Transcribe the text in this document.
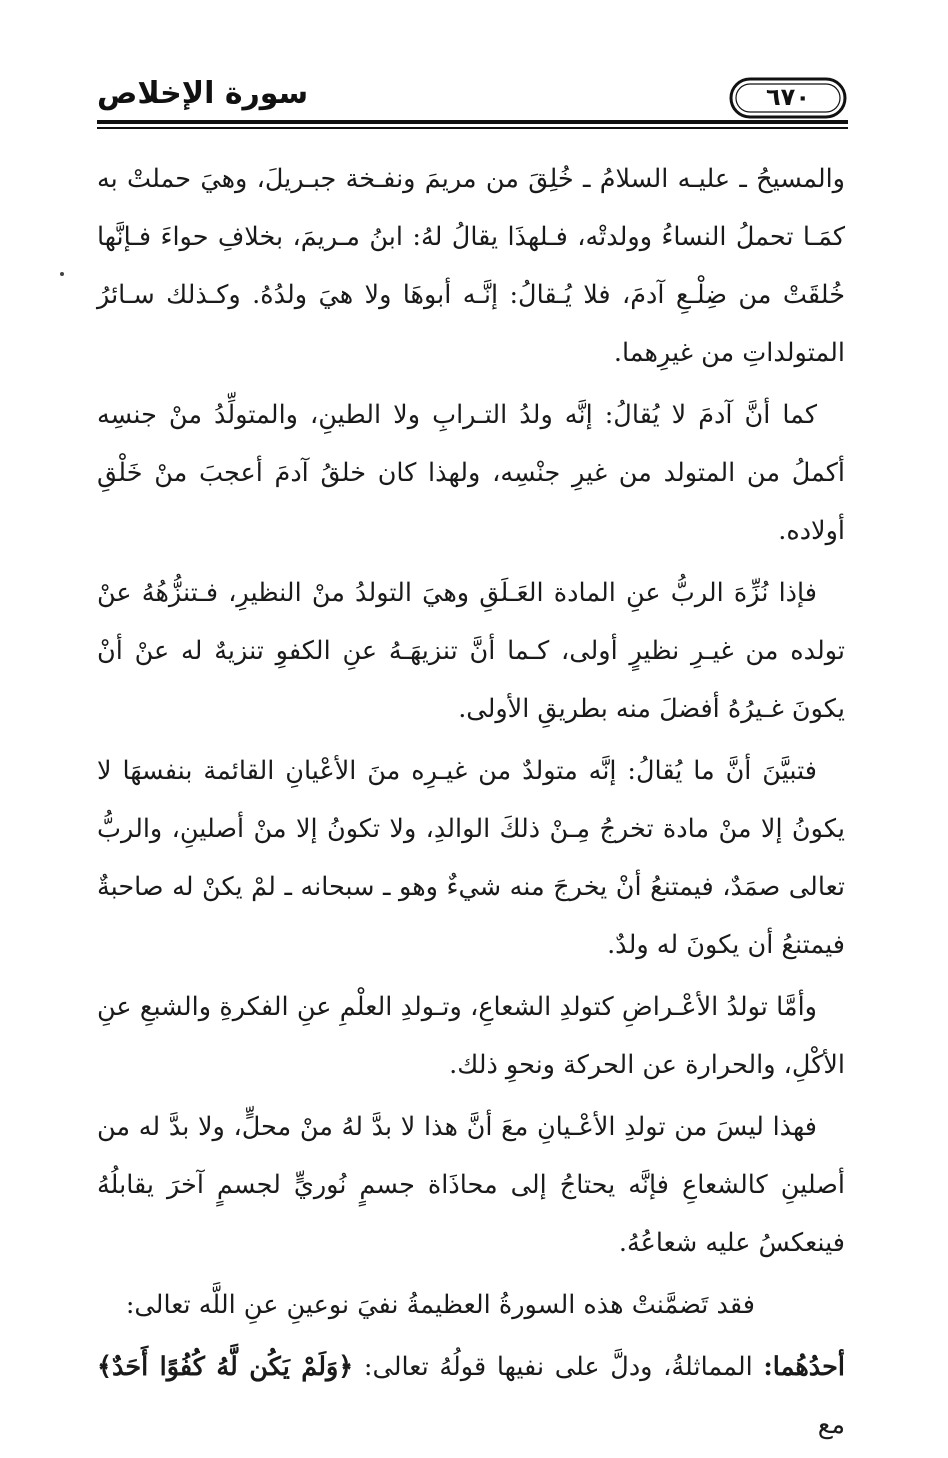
٦٧٠
سورة الإخلاص

والمسيحُ ـ عليـه السلامُ ـ خُلِقَ من مريمَ ونفـخة جبـريلَ، وهيَ حملتْ به كمَـا تحملُ النساءُ وولدتْه، فـلهذَا يقالُ لهُ: ابنُ مـريمَ، بخلافِ حواءَ فـإنَّها خُلقَتْ من ضِلْـعِ آدمَ، فلا يُـقالُ: إنَّـه أبوهَا ولا هيَ ولدُهُ. وكـذلك سـائرُ المتولداتِ من غيرِهما.

كما أنَّ آدمَ لا يُقالُ: إنَّه ولدُ التـرابِ ولا الطينِ، والمتولِّدُ منْ جنسِه أكملُ من المتولد من غيرِ جنْسِه، ولهذا كان خلقُ آدمَ أعجبَ منْ خَلْقِ أولاده.

فإذا نُزِّهَ الربُّ عنِ المادة العَـلَقِ وهيَ التولدُ منْ النظيرِ، فـتنزُّهُهُ عنْ تولده من غيـرِ نظيرٍ أولى، كـما أنَّ تنزيهَـهُ عنِ الكفوِ تنزيهٌ له عنْ أنْ يكونَ غـيرُهُ أفضلَ منه بطريقِ الأولى.

فتبيَّنَ أنَّ ما يُقالُ: إنَّه متولدٌ من غيـرِه منَ الأعْيانِ القائمة بنفسهَا لا يكونُ إلا منْ مادة تخرجُ مِـنْ ذلكَ الوالدِ، ولا تكونُ إلا منْ أصلينِ، والربُّ تعالى صمَدٌ، فيمتنعُ أنْ يخرجَ منه شيءٌ وهو ـ سبحانه ـ لمْ يكنْ له صاحبةٌ فيمتنعُ أن يكونَ له ولدٌ.

وأمَّا تولدُ الأعْـراضِ كتولدِ الشعاعِ، وتـولدِ العلْمِ عنِ الفكرةِ والشبعِ عنِ الأكْلِ، والحرارة عن الحركة ونحوِ ذلك.

فهذا ليسَ من تولدِ الأعْـيانِ معَ أنَّ هذا لا بدَّ لهُ منْ محلٍّ، ولا بدَّ له من أصلينِ كالشعاعِ فإنَّه يحتاجُ إلى محاذَاة جسمٍ نُوريٍّ لجسمٍ آخرَ يقابلُهُ فينعكسُ عليه شعاعُهُ.

فقد تَضمَّنتْ هذه السورةُ العظيمةُ نفيَ نوعينِ عنِ اللَّه تعالى:

أحدُهُما: المماثلةُ، ودلَّ على نفيها قولُهُ تعالى: ﴿وَلَمْ يَكُن لَّهُ كُفُوًا أَحَدٌ﴾ مع
